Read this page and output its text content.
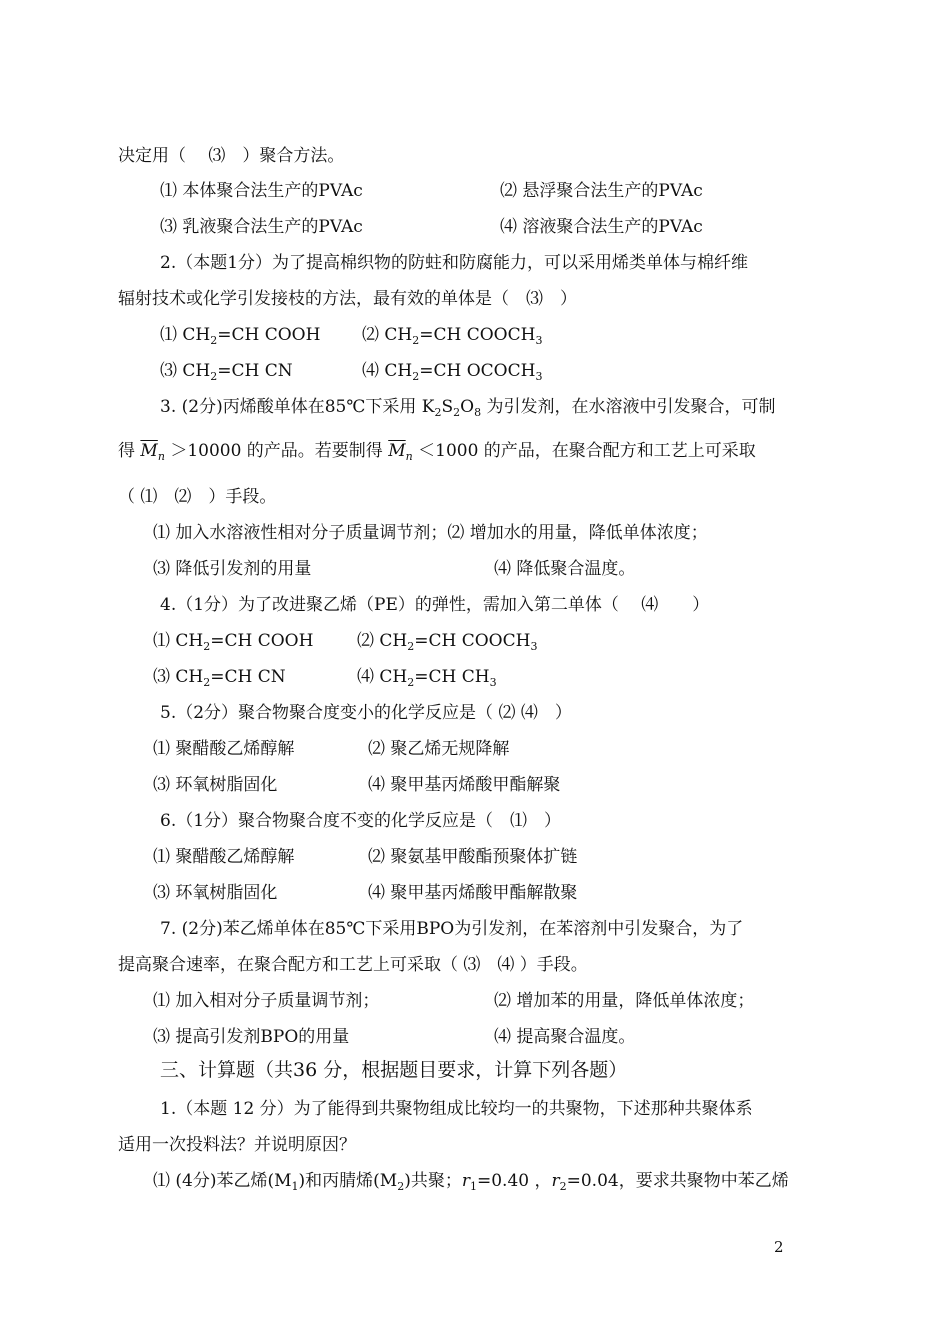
决定用（　 ⑶　）聚合方法。
⑴ 本体聚合法生产的PVAc	⑵ 悬浮聚合法生产的PVAc
⑶ 乳液聚合法生产的PVAc	⑷ 溶液聚合法生产的PVAc
2.（本题1分）为了提高棉织物的防蛀和防腐能力，可以采用烯类单体与棉纤维
辐射技术或化学引发接枝的方法，最有效的单体是（　⑶　）
⑴ $CH_2=CH$ COOH ⑵ $CH_2=CH$ $COOCH_3$
⑶ $CH_2=CH$ CN	⑷ $CH_2=CH$ $OCOCH_3$
3. (2分)丙烯酸单体在85℃下采用 $K_2S_2O_8$ 为引发剂，在水溶液中引发聚合，可制
得 $\overline{M}_n >10000$ 的产品。若要制得 $\overline{M}_n <1000$ 的产品，在聚合配方和工艺上可采取
（ ⑴　⑵　）手段。
⑴ 加入水溶液性相对分子质量调节剂；⑵ 增加水的用量，降低单体浓度；
⑶ 降低引发剂的用量	⑷ 降低聚合温度。
4.（1分）为了改进聚乙烯（PE）的弹性，需加入第二单体（　 ⑷　　）
⑴ $CH_2=CH$ COOH	⑵ $CH_2=CH$ $COOCH_3$
⑶ $CH_2=CH$ CN	⑷ $CH_2=CH$ $CH_3$
5.（2分）聚合物聚合度变小的化学反应是（ ⑵ ⑷　）
⑴ 聚醋酸乙烯醇解	⑵ 聚乙烯无规降解
⑶ 环氧树脂固化	⑷ 聚甲基丙烯酸甲酯解聚
6.（1分）聚合物聚合度不变的化学反应是（　⑴　）
⑴ 聚醋酸乙烯醇解	⑵ 聚氨基甲酸酯预聚体扩链
⑶ 环氧树脂固化	⑷ 聚甲基丙烯酸甲酯解散聚
7. (2分)苯乙烯单体在85℃下采用BPO为引发剂，在苯溶剂中引发聚合，为了
提高聚合速率，在聚合配方和工艺上可采取（ ⑶　⑷ ）手段。
⑴ 加入相对分子质量调节剂；	⑵ 增加苯的用量，降低单体浓度；
⑶ 提高引发剂BPO的用量	⑷ 提高聚合温度。
三、计算题（共36 分，根据题目要求，计算下列各题）
1.（本题 12 分）为了能得到共聚物组成比较均一的共聚物，下述那种共聚体系
适用一次投料法？并说明原因？
⑴ (4分)苯乙烯$(M_1)$和丙腈烯$(M_2)$共聚；$r_1=0.40$ ，$r_2=0.04$，要求共聚物中苯乙烯
2
